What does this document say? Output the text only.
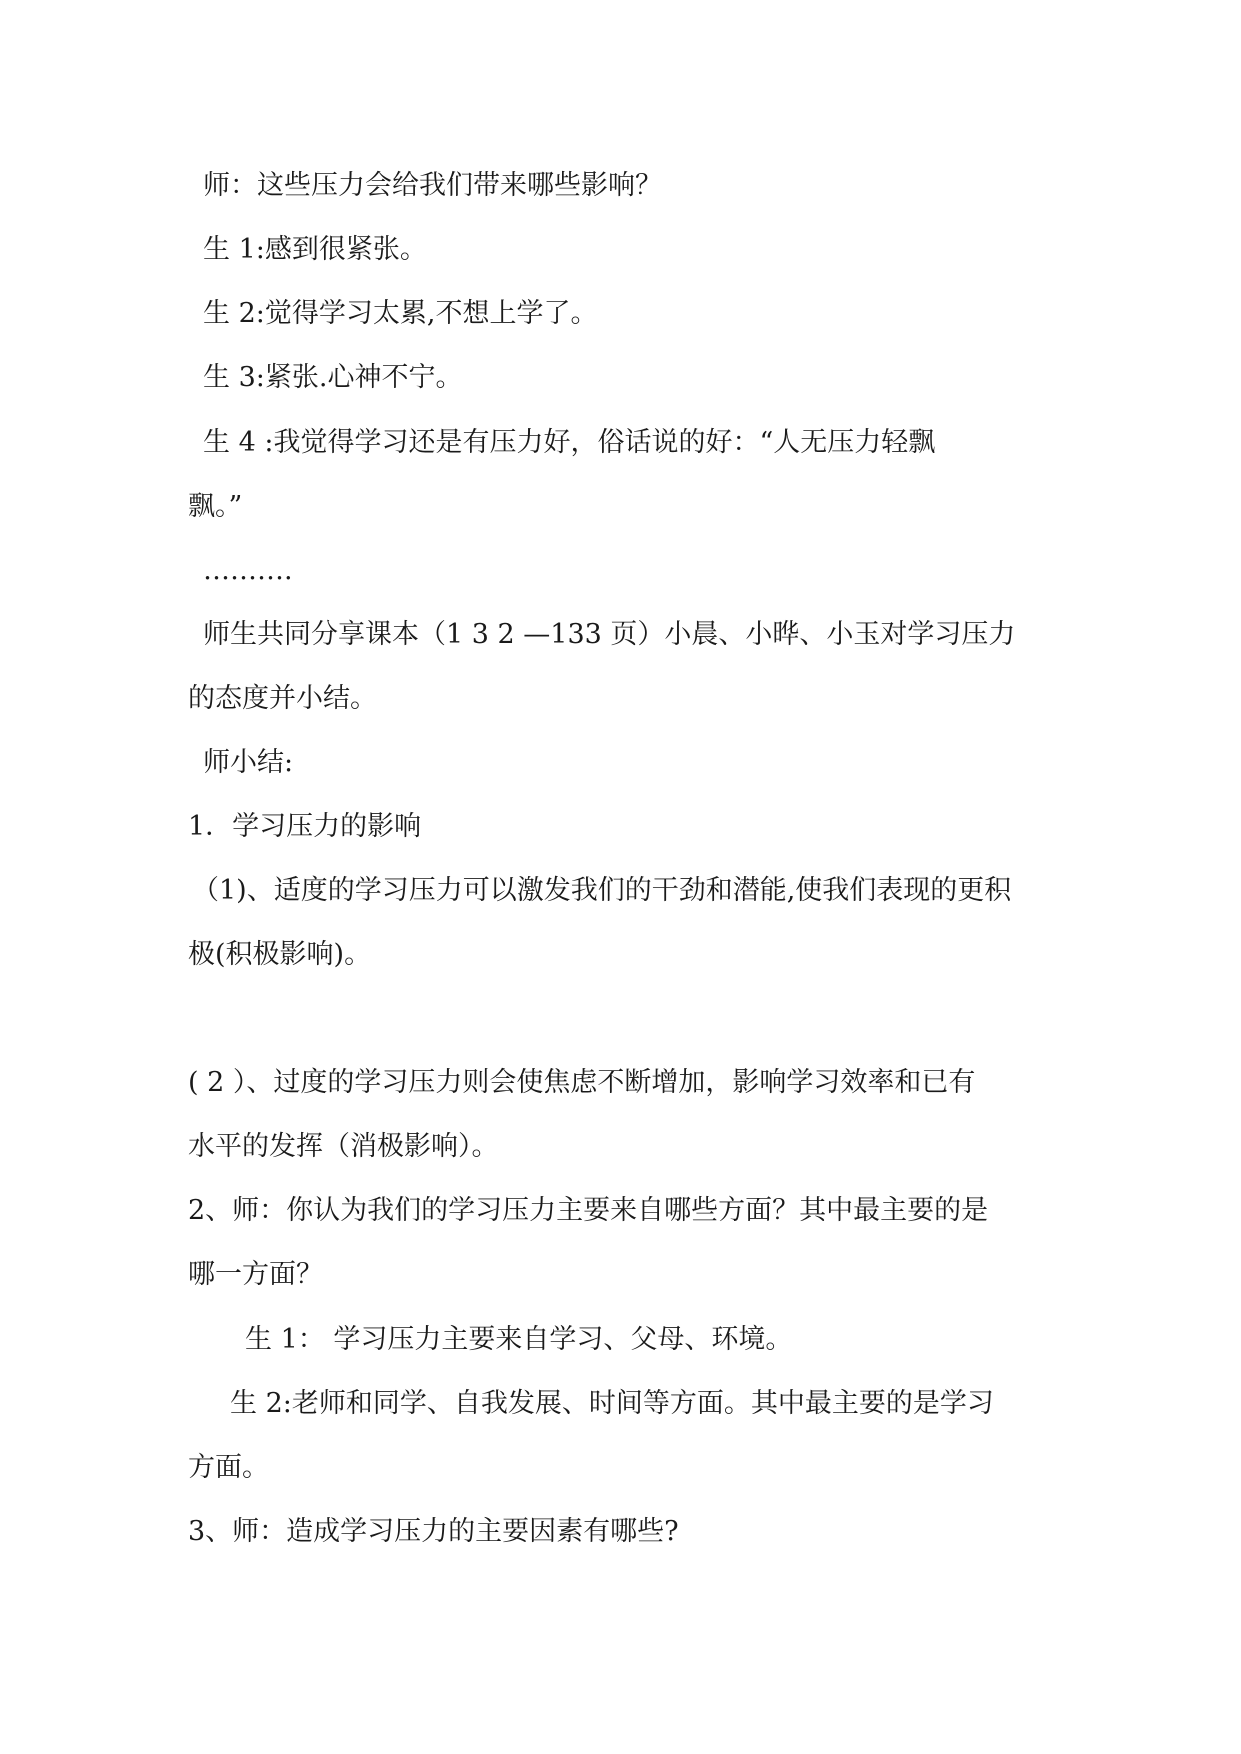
师：这些压力会给我们带来哪些影响？
生 1:感到很紧张。
生 2:觉得学习太累,不想上学了。
生 3:紧张.心神不宁。
生 4 :我觉得学习还是有压力好，俗话说的好：“人无压力轻飘
飘。”
……….
师生共同分享课本（1 3 2 —133 页）小晨、小晔、小玉对学习压力
的态度并小结。
师小结:
1．学习压力的影响
（1)、适度的学习压力可以激发我们的干劲和潜能,使我们表现的更积
极(积极影响)。
( 2 ）、过度的学习压力则会使焦虑不断增加，影响学习效率和已有
水平的发挥（消极影响）。
2、师：你认为我们的学习压力主要来自哪些方面？其中最主要的是
哪一方面？
生 1： 学习压力主要来自学习、父母、环境。
生 2:老师和同学、自我发展、时间等方面。其中最主要的是学习
方面。
3、师：造成学习压力的主要因素有哪些?
